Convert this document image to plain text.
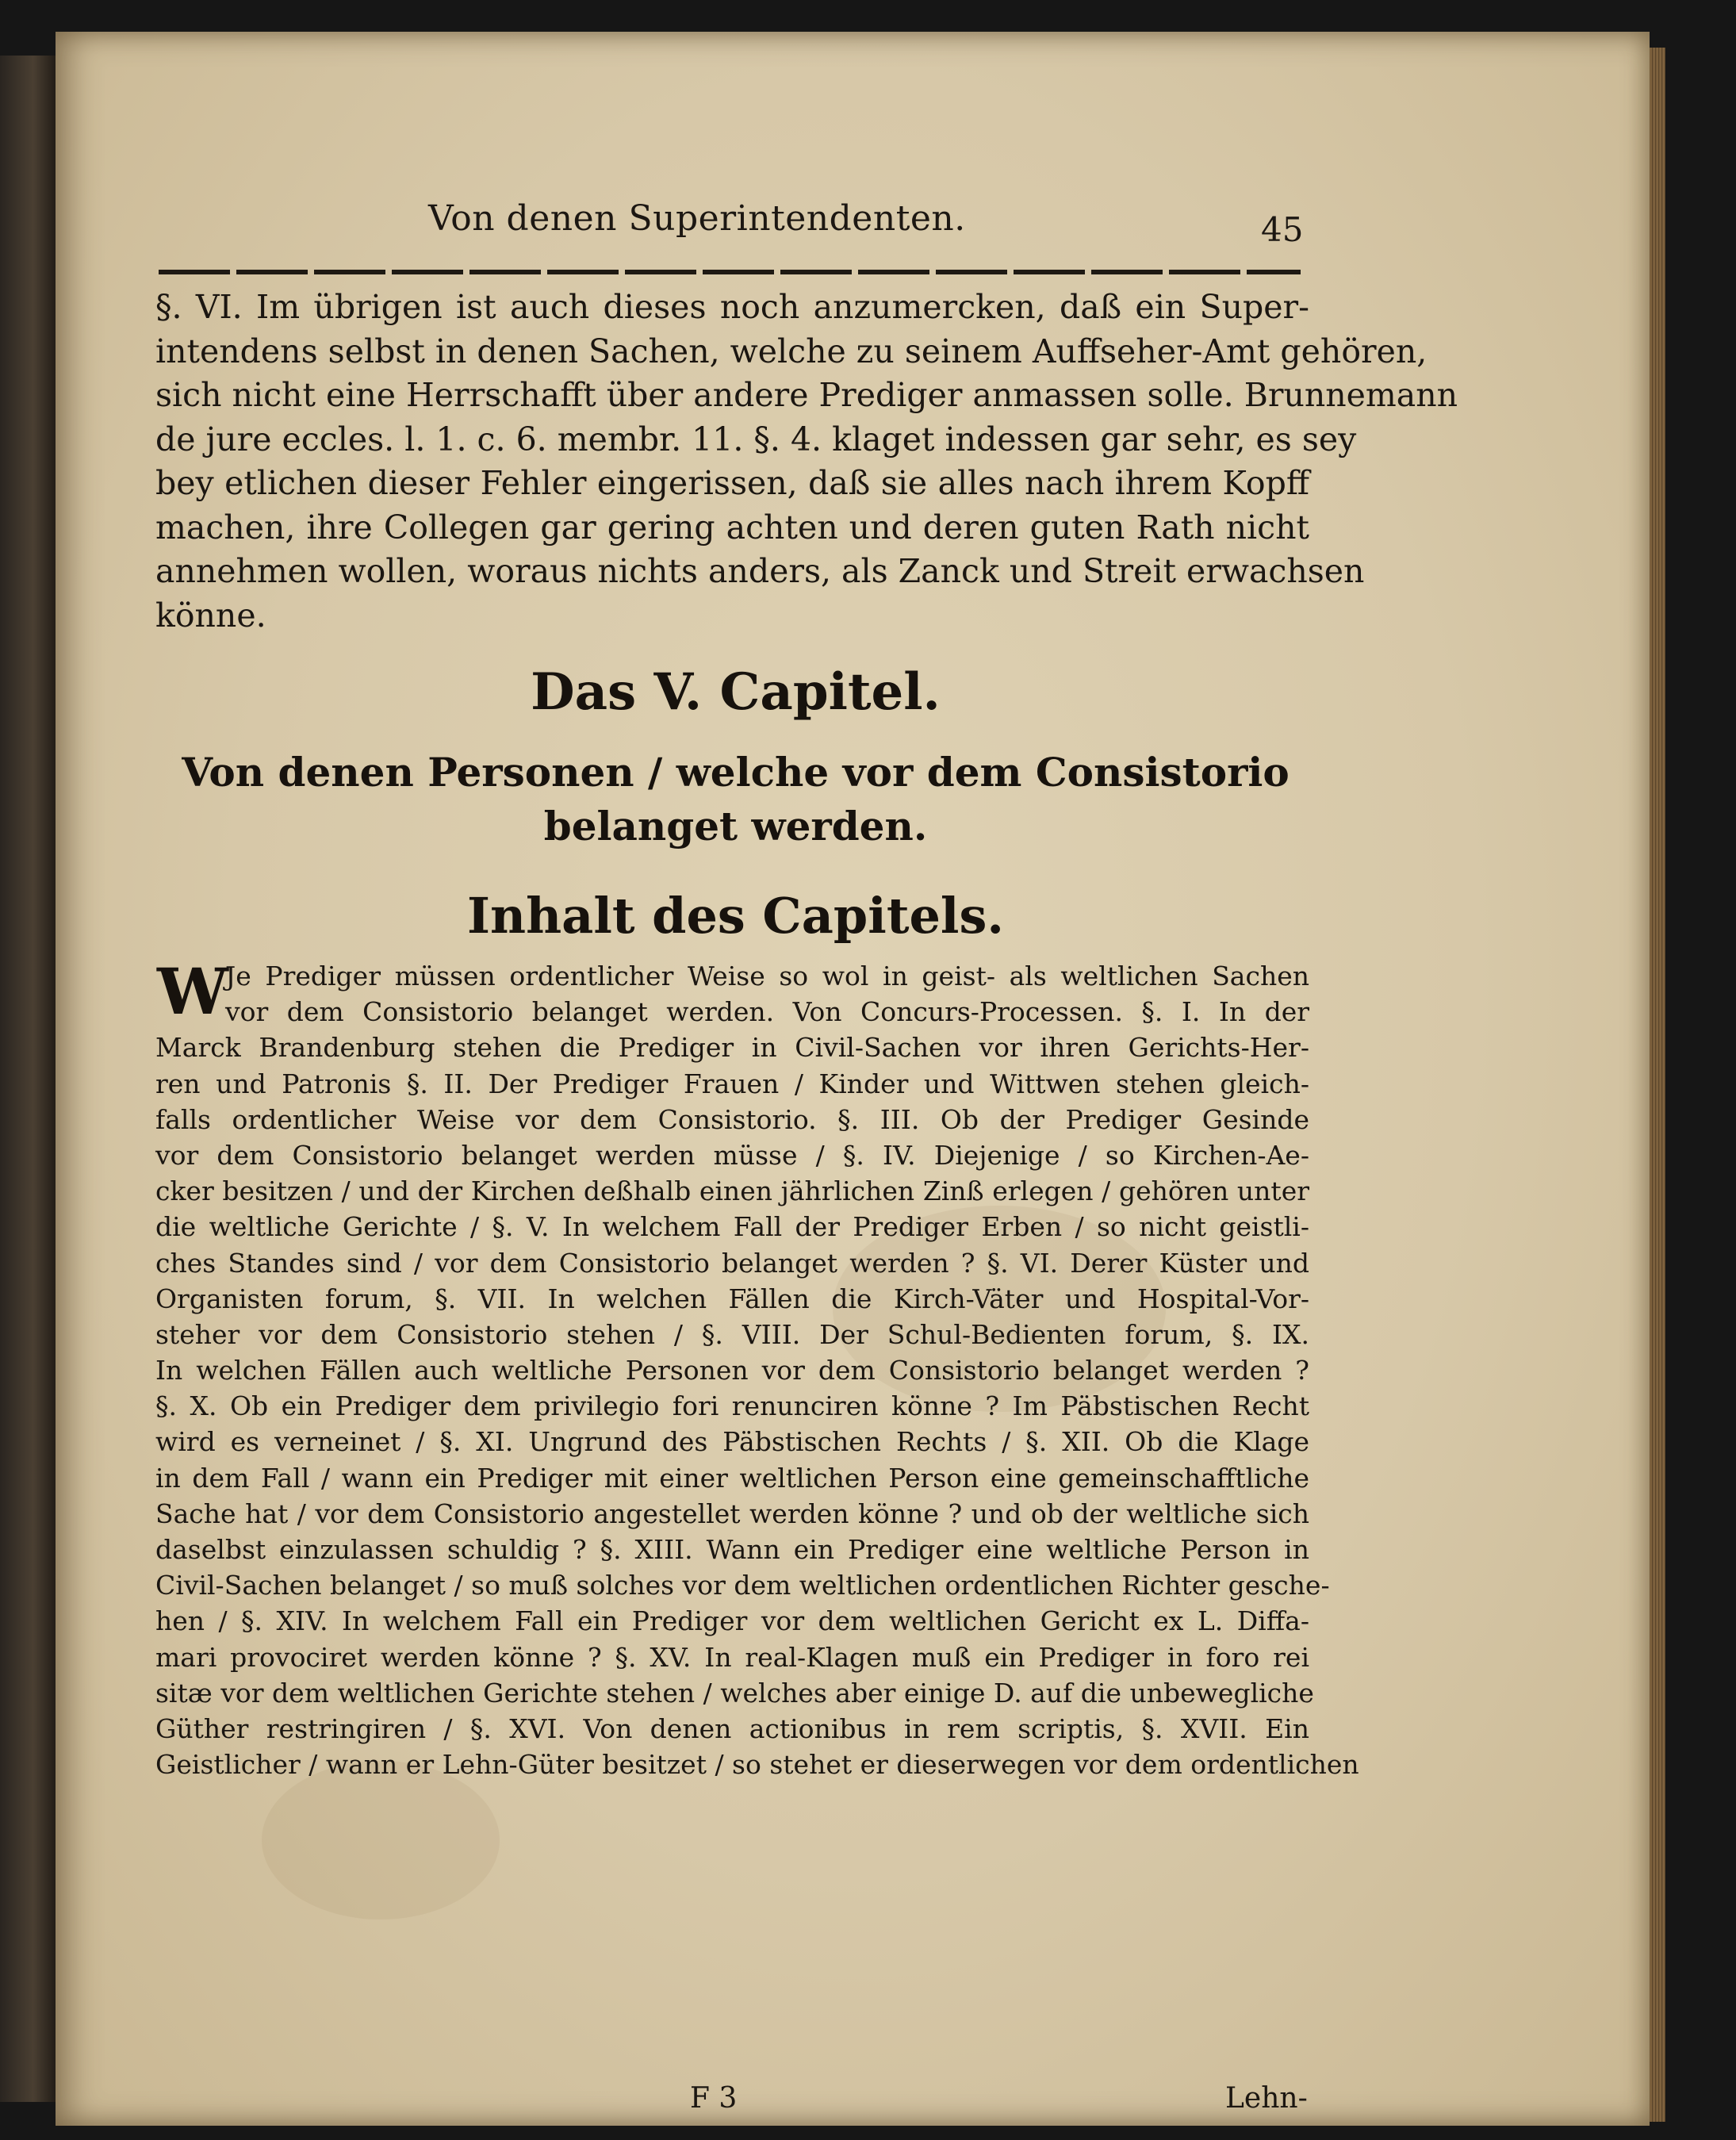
Von denen Superintendenten.	45
§. VI. Im übrigen ist auch dieses noch anzumercken, daß ein Super-
intendens selbst in denen Sachen, welche zu seinem Auffseher-Amt gehören,
sich nicht eine Herrschafft über andere Prediger anmassen solle. Brunnemann
de jure eccles. l. 1. c. 6. membr. 11. §. 4. klaget indessen gar sehr, es sey
bey etlichen dieser Fehler eingerissen, daß sie alles nach ihrem Kopff
machen, ihre Collegen gar gering achten und deren guten Rath nicht
annehmen wollen, woraus nichts anders, als Zanck und Streit erwachsen
könne.
Das V. Capitel.
Von denen Personen / welche vor dem Consistorio
belanget werden.
Inhalt des Capitels.
W
Je Prediger müssen ordentlicher Weise so wol in geist- als weltlichen Sachen
vor dem Consistorio belanget werden. Von Concurs-Processen. §. I. In der
Marck Brandenburg stehen die Prediger in Civil-Sachen vor ihren Gerichts-Her-
ren und Patronis §. II. Der Prediger Frauen / Kinder und Wittwen stehen gleich-
falls ordentlicher Weise vor dem Consistorio. §. III. Ob der Prediger Gesinde
vor dem Consistorio belanget werden müsse / §. IV. Diejenige / so Kirchen-Ae-
cker besitzen / und der Kirchen deßhalb einen jährlichen Zinß erlegen / gehören unter
die weltliche Gerichte / §. V. In welchem Fall der Prediger Erben / so nicht geistli-
ches Standes sind / vor dem Consistorio belanget werden ? §. VI. Derer Küster und
Organisten forum, §. VII. In welchen Fällen die Kirch-Väter und Hospital-Vor-
steher vor dem Consistorio stehen / §. VIII. Der Schul-Bedienten forum, §. IX.
In welchen Fällen auch weltliche Personen vor dem Consistorio belanget werden ?
§. X. Ob ein Prediger dem privilegio fori renunciren könne ? Im Päbstischen Recht
wird es verneinet / §. XI. Ungrund des Päbstischen Rechts / §. XII. Ob die Klage
in dem Fall / wann ein Prediger mit einer weltlichen Person eine gemeinschafftliche
Sache hat / vor dem Consistorio angestellet werden könne ? und ob der weltliche sich
daselbst einzulassen schuldig ? §. XIII. Wann ein Prediger eine weltliche Person in
Civil-Sachen belanget / so muß solches vor dem weltlichen ordentlichen Richter gesche-
hen / §. XIV. In welchem Fall ein Prediger vor dem weltlichen Gericht ex L. Diffa-
mari provociret werden könne ? §. XV. In real-Klagen muß ein Prediger in foro rei
sitæ vor dem weltlichen Gerichte stehen / welches aber einige D. auf die unbewegliche
Güther restringiren / §. XVI. Von denen actionibus in rem scriptis, §. XVII. Ein
Geistlicher / wann er Lehn-Güter besitzet / so stehet er dieserwegen vor dem ordentlichen
F 3	Lehn-
